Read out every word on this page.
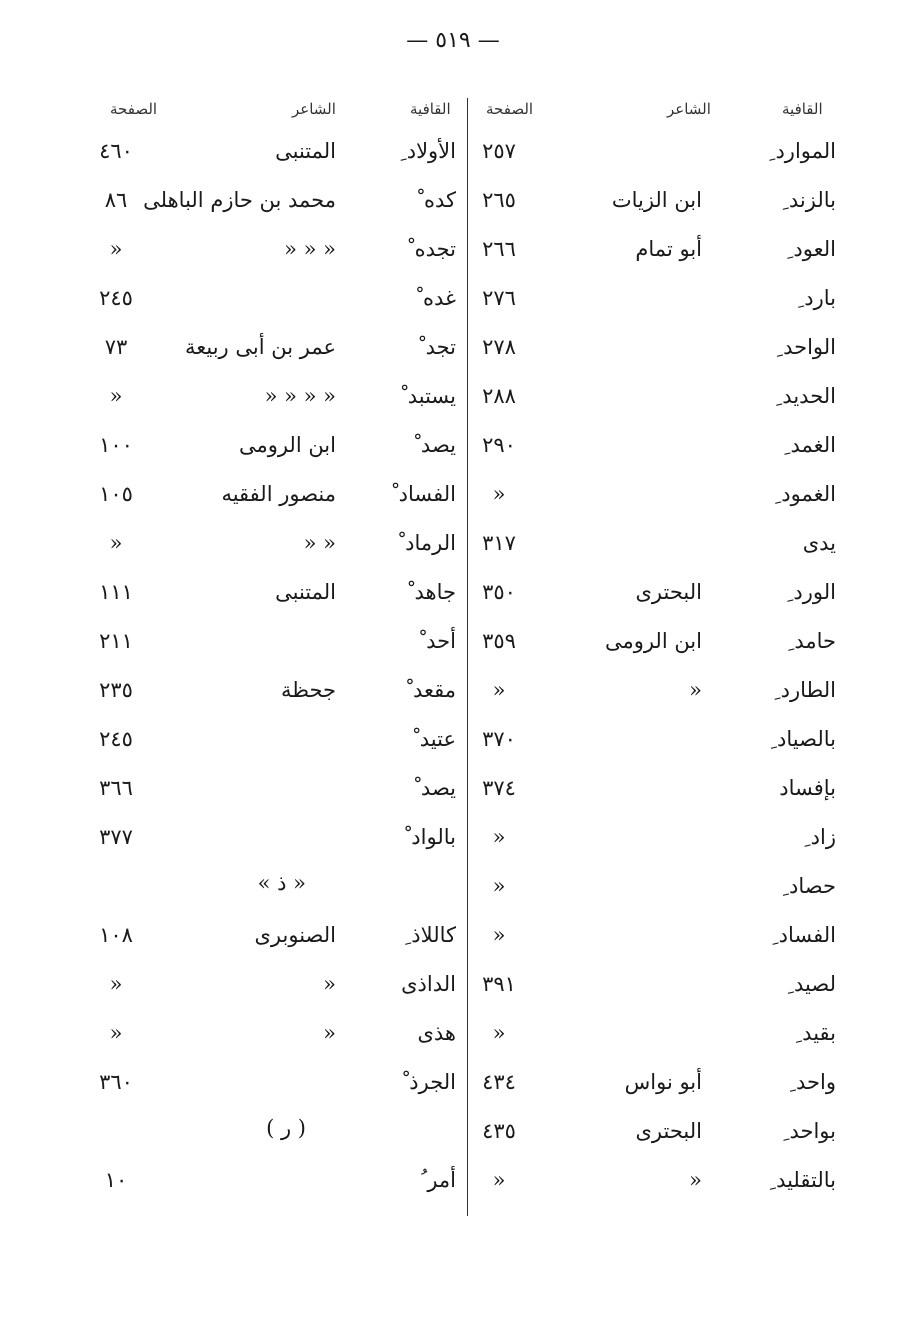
— ٥١٩ —
القافية
الشاعر
الصفحة
القافية
الشاعر
الصفحة
الموارد ِ
٢٥٧
الأولاد ِ
المتنبى
٤٦٠
بالزند ِ
ابن الزيات
٢٦٥
كده ْ
محمد بن حازم الباهلى
٨٦
العود ِ
أبو تمام
٢٦٦
تجده ْ
« « «
«
بارد ِ
٢٧٦
غده ْ
٢٤٥
الواحد ِ
٢٧٨
تجد ْ
عمر بن أبى ربيعة
٧٣
الحديد ِ
٢٨٨
يستبد ْ
« « « «
«
الغمد ِ
٢٩٠
يصد ْ
ابن الرومى
١٠٠
الغمود ِ
«
الفساد ْ
منصور الفقيه
١٠٥
يدى
٣١٧
الرماد ْ
« «
«
الورد ِ
البحترى
٣٥٠
جاهد ْ
المتنبى
١١١
حامد ِ
ابن الرومى
٣٥٩
أحد ْ
٢١١
الطارد ِ
«
«
مقعد ْ
جحظة
٢٣٥
بالصياد ِ
٣٧٠
عتيد ْ
٢٤٥
بإفساد
٣٧٤
يصد ْ
٣٦٦
زاد ِ
«
بالواد ْ
٣٧٧
حصاد ِ
«
« ذ »
الفساد ِ
«
كاللاذ ِ
الصنوبرى
١٠٨
لصيد ِ
٣٩١
الداذى
«
«
بقيد ِ
«
هذى
«
«
واحد ِ
أبو نواس
٤٣٤
الجرذ ْ
٣٦٠
بواحد ِ
البحترى
٤٣٥
( ر )
بالتقليد ِ
«
«
أمر ُ
١٠
